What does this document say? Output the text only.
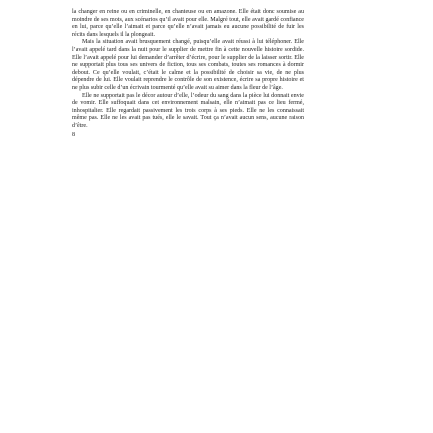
la changer en reine ou en criminelle, en chanteuse ou en amazone. Elle était donc soumise au moindre de ses mots, aux scénarios qu’il avait pour elle. Malgré tout, elle avait gardé confiance en lui, parce qu’elle l’aimait et parce qu’elle n’avait jamais eu aucune possibilité de fuir les récits dans lesquels il la plongeait.

Mais la situation avait brusquement changé, puisqu’elle avait réussi à lui téléphoner. Elle l’avait appelé tard dans la nuit pour le supplier de mettre fin à cette nouvelle histoire sordide. Elle l’avait appelé pour lui demander d’arrêter d’écrire, pour le supplier de la laisser sortir. Elle ne supportait plus tous ses univers de fiction, tous ses combats, toutes ses romances à dormir debout. Ce qu’elle voulait, c’était le calme et la possibilité de choisir sa vie, de ne plus dépendre de lui. Elle voulait reprendre le contrôle de son existence, écrire sa propre histoire et ne plus subir celle d’un écrivain tourmenté qu’elle avait su aimer dans la fleur de l’âge.

Elle ne supportait pas le décor autour d’elle, l’odeur du sang dans la pièce lui donnait envie de vomir. Elle suffoquait dans cet environnement malsain, elle n’aimait pas ce lieu fermé, inhospitalier. Elle regardait passivement les trois corps à ses pieds. Elle ne les connaissait même pas. Elle ne les avait pas tués, elle le savait. Tout ça n’avait aucun sens, aucune raison d’être.

8
